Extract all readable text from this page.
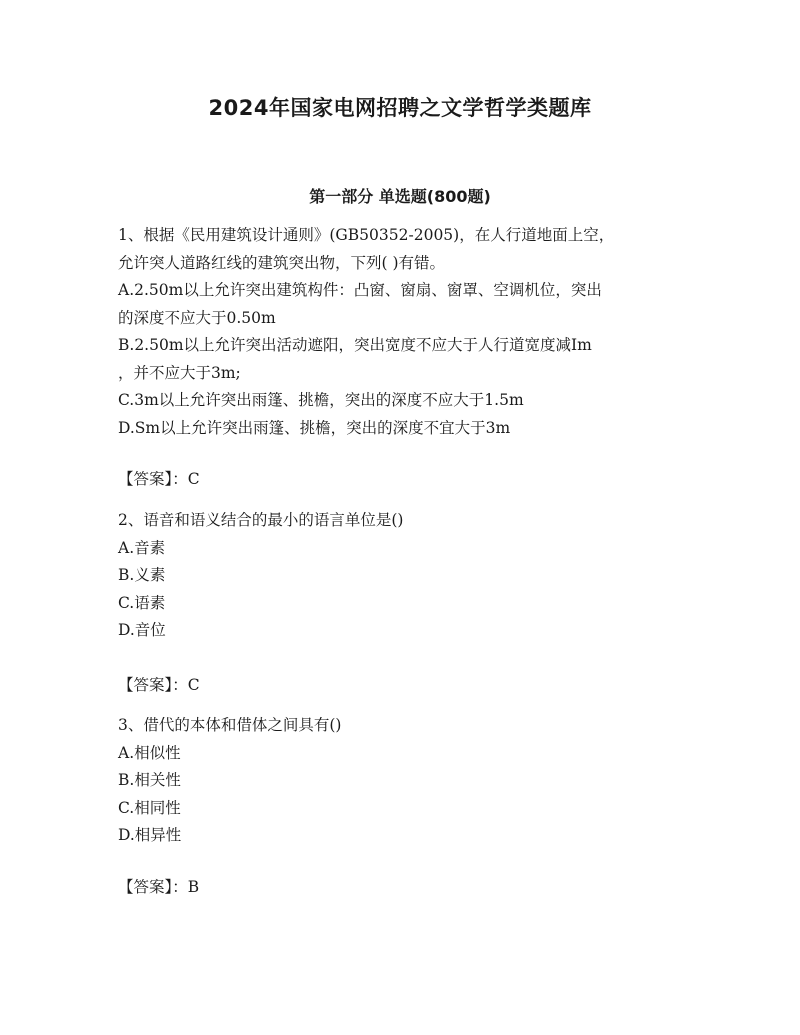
2024年国家电网招聘之文学哲学类题库
第一部分 单选题(800题)
1、根据《民用建筑设计通则》(GB50352-2005)，在人行道地面上空，
允许突人道路红线的建筑突出物，下列( )有错。
A.2.50m以上允许突出建筑构件：凸窗、窗扇、窗罩、空调机位，突出
的深度不应大于0.50m
B.2.50m以上允许突出活动遮阳，突出宽度不应大于人行道宽度减Im
，并不应大于3m;
C.3m以上允许突出雨篷、挑檐，突出的深度不应大于1.5m
D.Sm以上允许突出雨篷、挑檐，突出的深度不宜大于3m
【答案】：C
2、语音和语义结合的最小的语言单位是()
A.音素
B.义素
C.语素
D.音位
【答案】：C
3、借代的本体和借体之间具有()
A.相似性
B.相关性
C.相同性
D.相异性
【答案】：B
